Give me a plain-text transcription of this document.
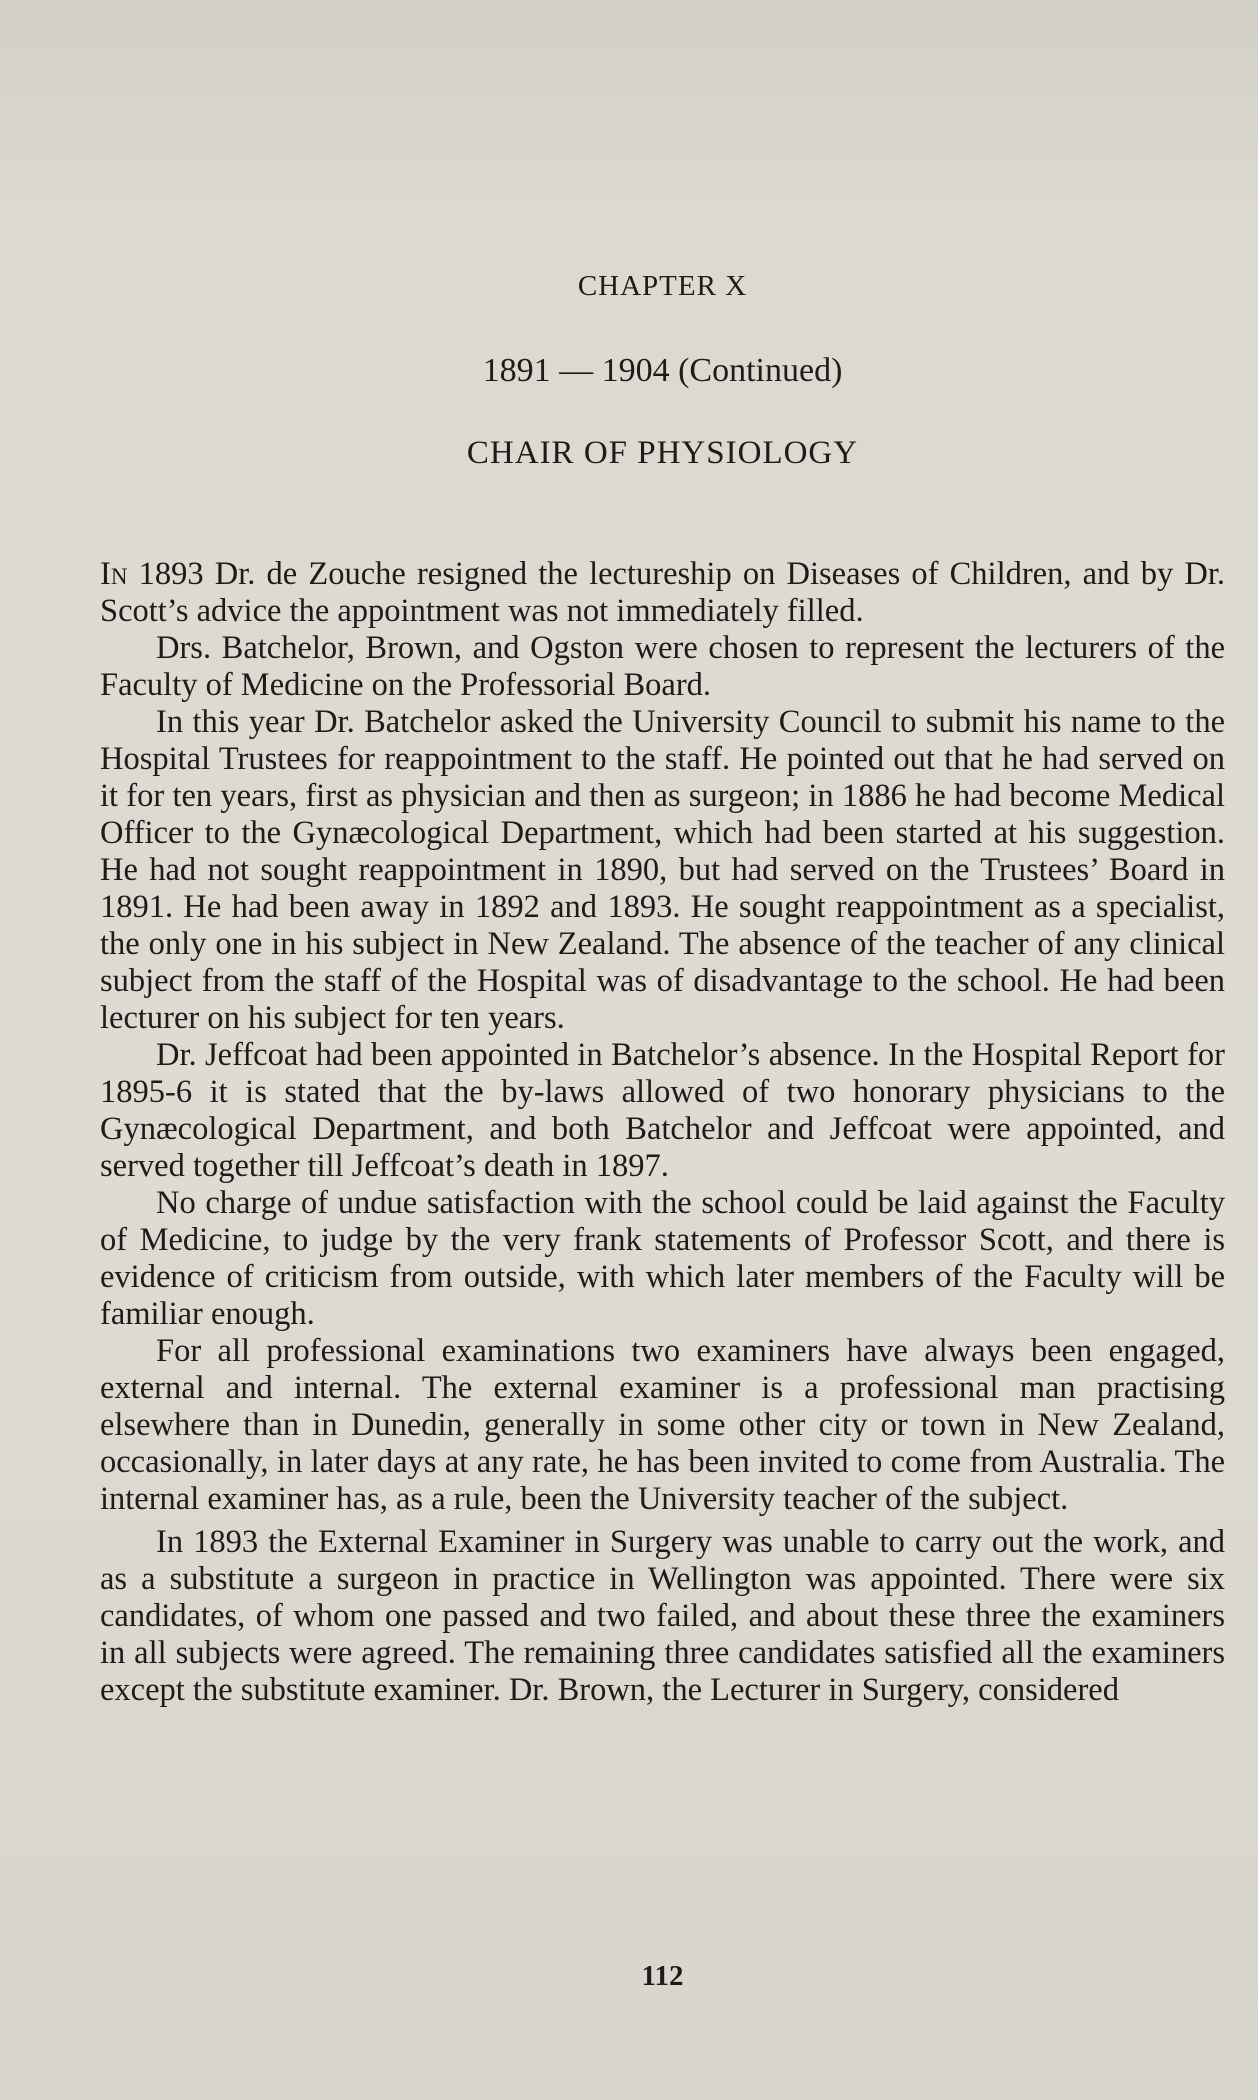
CHAPTER X
1891 — 1904 (Continued)
CHAIR OF PHYSIOLOGY

In 1893 Dr. de Zouche resigned the lectureship on Diseases of Children, and by Dr. Scott’s advice the appointment was not immediately filled.

Drs. Batchelor, Brown, and Ogston were chosen to represent the lecturers of the Faculty of Medicine on the Professorial Board.

In this year Dr. Batchelor asked the University Council to submit his name to the Hospital Trustees for reappointment to the staff. He pointed out that he had served on it for ten years, first as physician and then as surgeon; in 1886 he had become Medical Officer to the Gynæcological Department, which had been started at his suggestion. He had not sought reappointment in 1890, but had served on the Trustees’ Board in 1891. He had been away in 1892 and 1893. He sought reappointment as a specialist, the only one in his subject in New Zealand. The absence of the teacher of any clinical subject from the staff of the Hospital was of disadvantage to the school. He had been lecturer on his subject for ten years.

Dr. Jeffcoat had been appointed in Batchelor’s absence. In the Hospital Report for 1895-6 it is stated that the by-laws allowed of two honorary physicians to the Gynæcological Department, and both Batchelor and Jeffcoat were appointed, and served together till Jeffcoat’s death in 1897.

No charge of undue satisfaction with the school could be laid against the Faculty of Medicine, to judge by the very frank statements of Professor Scott, and there is evidence of criticism from outside, with which later members of the Faculty will be familiar enough.

For all professional examinations two examiners have always been engaged, external and internal. The external examiner is a professional man practising elsewhere than in Dunedin, generally in some other city or town in New Zealand, occasionally, in later days at any rate, he has been invited to come from Australia. The internal examiner has, as a rule, been the University teacher of the subject.

In 1893 the External Examiner in Surgery was unable to carry out the work, and as a substitute a surgeon in practice in Wellington was appointed. There were six candidates, of whom one passed and two failed, and about these three the examiners in all subjects were agreed. The remaining three candidates satisfied all the examiners except the substitute examiner. Dr. Brown, the Lecturer in Surgery, considered

112
